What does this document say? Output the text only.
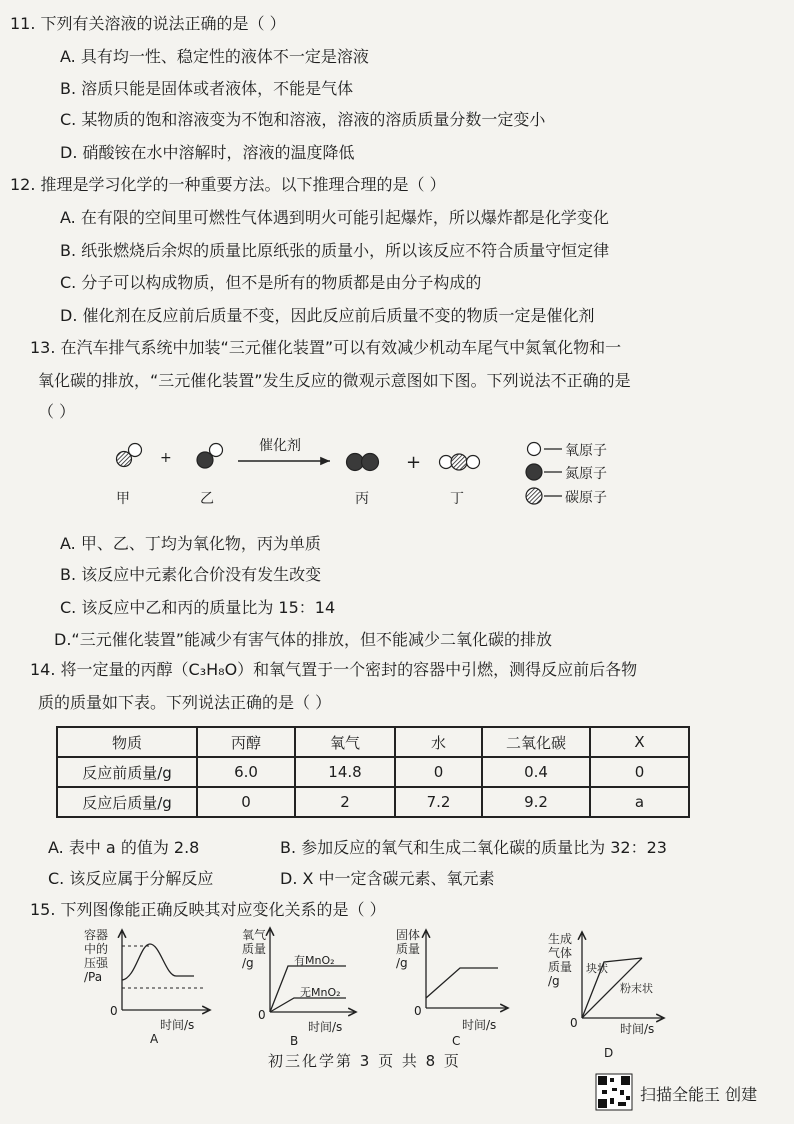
11. 下列有关溶液的说法正确的是（ ）
A. 具有均一性、稳定性的液体不一定是溶液
B. 溶质只能是固体或者液体，不能是气体
C. 某物质的饱和溶液变为不饱和溶液，溶液的溶质质量分数一定变小
D. 硝酸铵在水中溶解时，溶液的温度降低
12. 推理是学习化学的一种重要方法。以下推理合理的是（ ）
A. 在有限的空间里可燃性气体遇到明火可能引起爆炸，所以爆炸都是化学变化
B. 纸张燃烧后余烬的质量比原纸张的质量小，所以该反应不符合质量守恒定律
C. 分子可以构成物质，但不是所有的物质都是由分子构成的
D. 催化剂在反应前后质量不变，因此反应前后质量不变的物质一定是催化剂
13. 在汽车排气系统中加装“三元催化装置”可以有效减少机动车尾气中氮氧化物和一
氧化碳的排放，“三元催化装置”发生反应的微观示意图如下图。下列说法不正确的是
（ ）
+	+
催化剂
甲	乙	丙	丁
氧原子
氮原子
碳原子
A. 甲、乙、丁均为氧化物，丙为单质
B. 该反应中元素化合价没有发生改变
C. 该反应中乙和丙的质量比为 15：14
D.“三元催化装置”能减少有害气体的排放，但不能减少二氧化碳的排放
14. 将一定量的丙醇（C₃H₈O）和氧气置于一个密封的容器中引燃，测得反应前后各物
质的质量如下表。下列说法正确的是（ ）
物质	丙醇	氧气	水	二氧化碳	X
反应前质量/g	6.0	14.8	0	0.4	0
反应后质量/g	0	2	7.2	9.2	a
A. 表中 a 的值为 2.8	B. 参加反应的氧气和生成二氧化碳的质量比为 32：23
C. 该反应属于分解反应	D. X 中一定含碳元素、氧元素
15. 下列图像能正确反映其对应变化关系的是（ ）
容器
中的
压强
/Pa
0
时间/s
A
氧气
质量
/g	有MnO₂
无MnO₂
0
时间/s
B
固体
质量
/g
0
时间/s
C
生成
气体
质量
/g
块状
粉末状
0	时间/s
D
初三化学第 3 页 共 8 页
扫描全能王 创建
